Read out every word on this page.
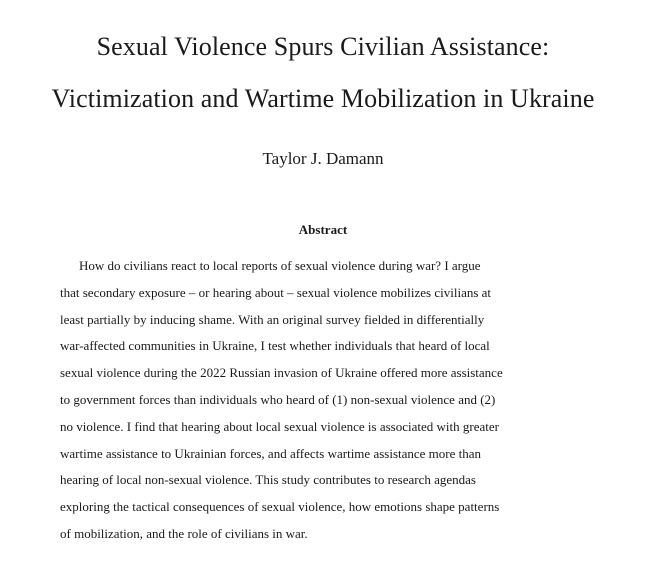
Sexual Violence Spurs Civilian Assistance:
Victimization and Wartime Mobilization in Ukraine
Taylor J. Damann
Abstract
How do civilians react to local reports of sexual violence during war? I argue
that secondary exposure – or hearing about – sexual violence mobilizes civilians at
least partially by inducing shame. With an original survey fielded in differentially
war-affected communities in Ukraine, I test whether individuals that heard of local
sexual violence during the 2022 Russian invasion of Ukraine offered more assistance
to government forces than individuals who heard of (1) non-sexual violence and (2)
no violence. I find that hearing about local sexual violence is associated with greater
wartime assistance to Ukrainian forces, and affects wartime assistance more than
hearing of local non-sexual violence. This study contributes to research agendas
exploring the tactical consequences of sexual violence, how emotions shape patterns
of mobilization, and the role of civilians in war.
